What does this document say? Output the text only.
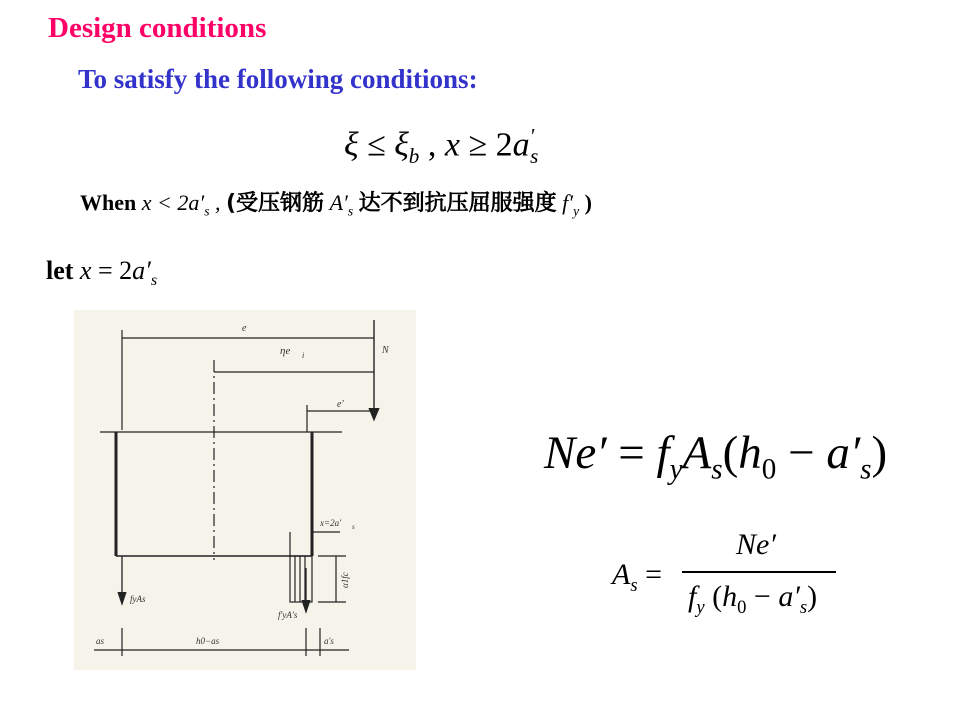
Design conditions
To satisfy the following conditions:
$\xi \le \xi_b$ , $x \ge 2a'_s$
When $x < 2a'_s$ , (受压钢筋 $A'_s$ 达不到抗压屈服强度 $f'_y$ )
let $x = 2a'_s$
e
ηe i	N
e'
x=2a' s
α1fc
fyAs
f'yA's
as	h0−as	a's
$Ne' = f_yA_s(h_0 - a'_s)$
$A_s$ =
Ne′
$f_y$ $(h_0 - a'_s)$
